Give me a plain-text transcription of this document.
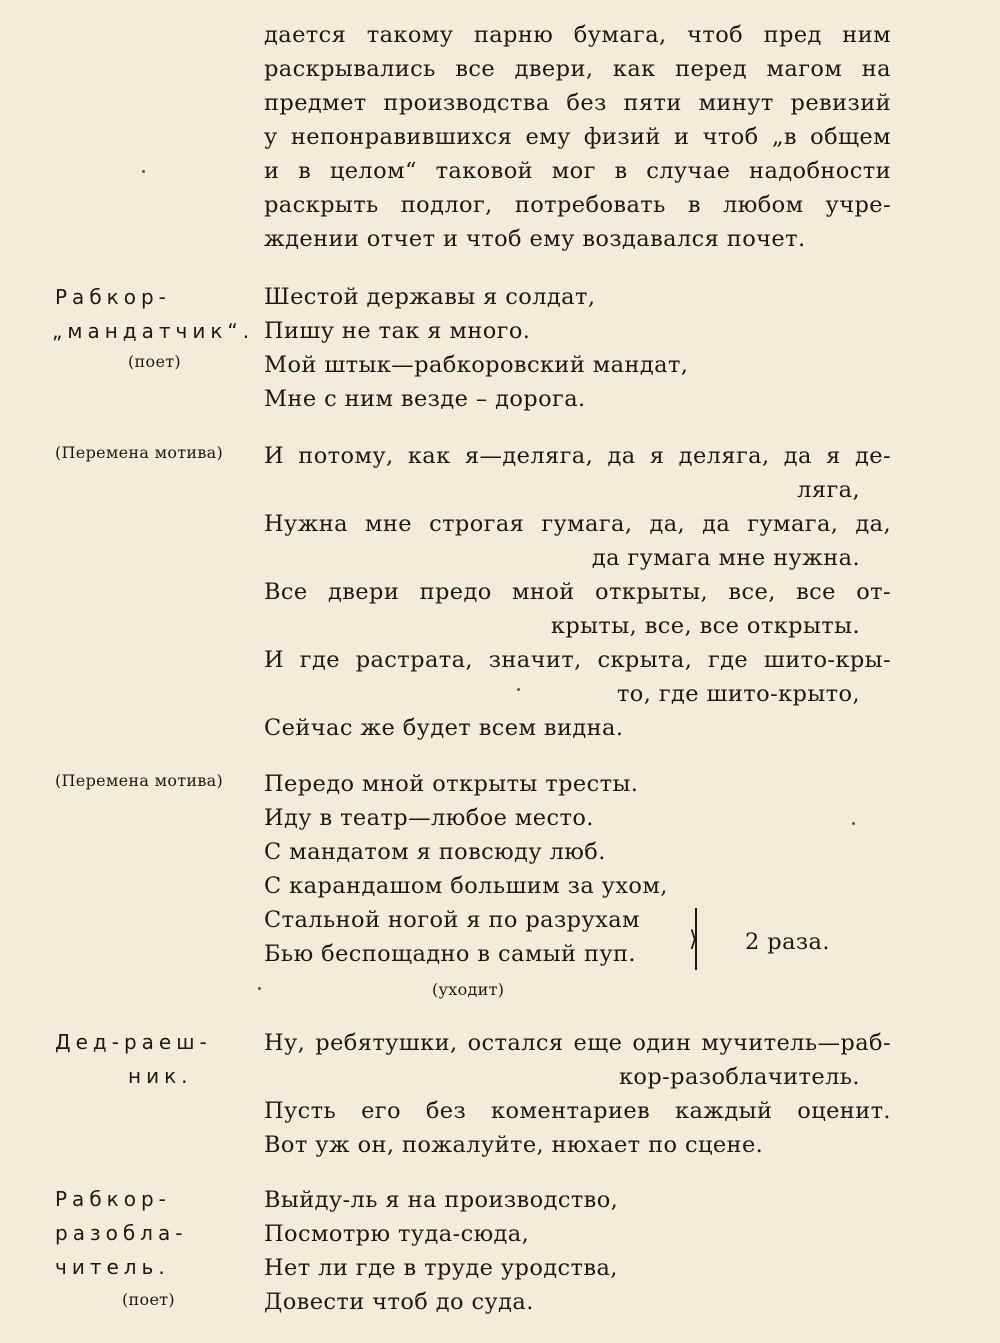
дается такому парню бумага, чтоб пред ним
раскрывались все двери, как перед магом на
предмет производства без пяти минут ревизий
у непонравившихся ему физий и чтоб „в общем
и в целом“ таковой мог в случае надобности
раскрыть подлог, потребовать в любом учре-
ждении отчет и чтоб ему воздавался почет.
Рабкор-
„мандатчик“.
(поет)
Шестой державы я солдат,
Пишу не так я много.
Мой штык—рабкоровский мандат,
Мне с ним везде – дорога.
(Перемена мотива) И потому, как я—деляга, да я деляга, да я де-
ляга,
Нужна мне строгая гумага, да, да гумага, да,
да гумага мне нужна.
Все двери предо мной открыты, все, все от-
крыты, все, все открыты.
И где растрата, значит, скрыта, где шито-кры-
то, где шито-крыто,
Сейчас же будет всем видна.
(Перемена мотива) Передо мной открыты тресты.
Иду в театр—любое место.
С мандатом я повсюду люб.
С карандашом большим за ухом,
Стальной ногой я по разрухам
Бью беспощадно в самый пуп.
⟩ 2 раза.
(уходит)
Дед-раеш-
ник.
Ну, ребятушки, остался еще один мучитель—раб-
кор-разоблачитель.
Пусть его без коментариев каждый оценит.
Вот уж он, пожалуйте, нюхает по сцене.
Рабкор-
разобла-
читель.
(поет)
Выйду-ль я на производство,
Посмотрю туда-сюда,
Нет ли где в труде уродства,
Довести чтоб до суда.
